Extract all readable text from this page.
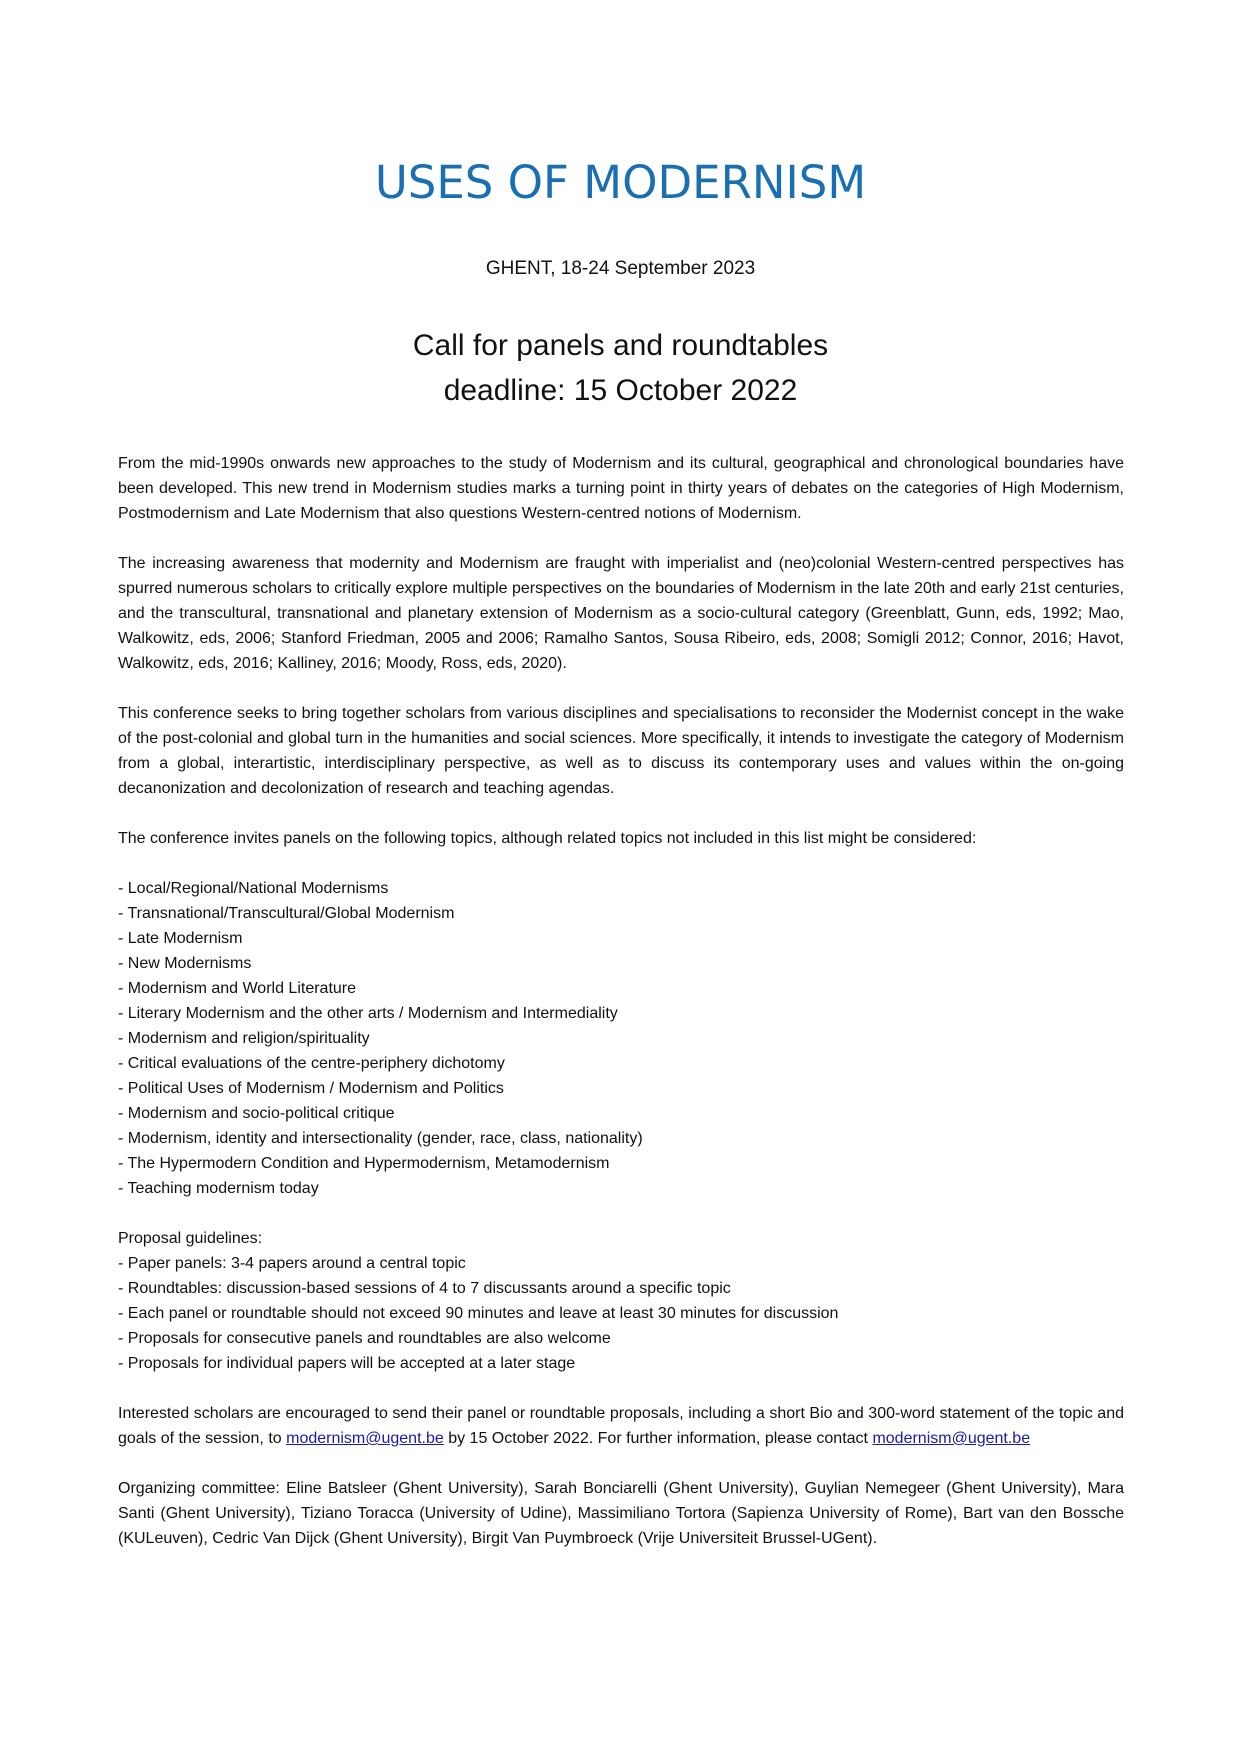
USES OF MODERNISM
GHENT, 18-24 September 2023
Call for panels and roundtables
deadline: 15 October 2022

From the mid-1990s onwards new approaches to the study of Modernism and its cultural, geographical and chronological boundaries have been developed. This new trend in Modernism studies marks a turning point in thirty years of debates on the categories of High Modernism, Postmodernism and Late Modernism that also questions Western-centred notions of Modernism.

The increasing awareness that modernity and Modernism are fraught with imperialist and (neo)colonial Western-centred perspectives has spurred numerous scholars to critically explore multiple perspectives on the boundaries of Modernism in the late 20th and early 21st centuries, and the transcultural, transnational and planetary extension of Modernism as a socio-cultural category (Greenblatt, Gunn, eds, 1992; Mao, Walkowitz, eds, 2006; Stanford Friedman, 2005 and 2006; Ramalho Santos, Sousa Ribeiro, eds, 2008; Somigli 2012; Connor, 2016; Havot, Walkowitz, eds, 2016; Kalliney, 2016; Moody, Ross, eds, 2020).

This conference seeks to bring together scholars from various disciplines and specialisations to reconsider the Modernist concept in the wake of the post-colonial and global turn in the humanities and social sciences. More specifically, it intends to investigate the category of Modernism from a global, interartistic, interdisciplinary perspective, as well as to discuss its contemporary uses and values within the on-going decanonization and decolonization of research and teaching agendas.

The conference invites panels on the following topics, although related topics not included in this list might be considered:

- Local/Regional/National Modernisms
- Transnational/Transcultural/Global Modernism
- Late Modernism
- New Modernisms
- Modernism and World Literature
- Literary Modernism and the other arts / Modernism and Intermediality
- Modernism and religion/spirituality
- Critical evaluations of the centre-periphery dichotomy
- Political Uses of Modernism / Modernism and Politics
- Modernism and socio-political critique
- Modernism, identity and intersectionality (gender, race, class, nationality)
- The Hypermodern Condition and Hypermodernism, Metamodernism
- Teaching modernism today
Proposal guidelines:
- Paper panels: 3-4 papers around a central topic
- Roundtables: discussion-based sessions of 4 to 7 discussants around a specific topic
- Each panel or roundtable should not exceed 90 minutes and leave at least 30 minutes for discussion
- Proposals for consecutive panels and roundtables are also welcome
- Proposals for individual papers will be accepted at a later stage

Interested scholars are encouraged to send their panel or roundtable proposals, including a short Bio and 300-word statement of the topic and goals of the session, to modernism@ugent.be by 15 October 2022. For further information, please contact modernism@ugent.be

Organizing committee: Eline Batsleer (Ghent University), Sarah Bonciarelli (Ghent University), Guylian Nemegeer (Ghent University), Mara Santi (Ghent University), Tiziano Toracca (University of Udine), Massimiliano Tortora (Sapienza University of Rome), Bart van den Bossche (KULeuven), Cedric Van Dijck (Ghent University), Birgit Van Puymbroeck (Vrije Universiteit Brussel-UGent).
